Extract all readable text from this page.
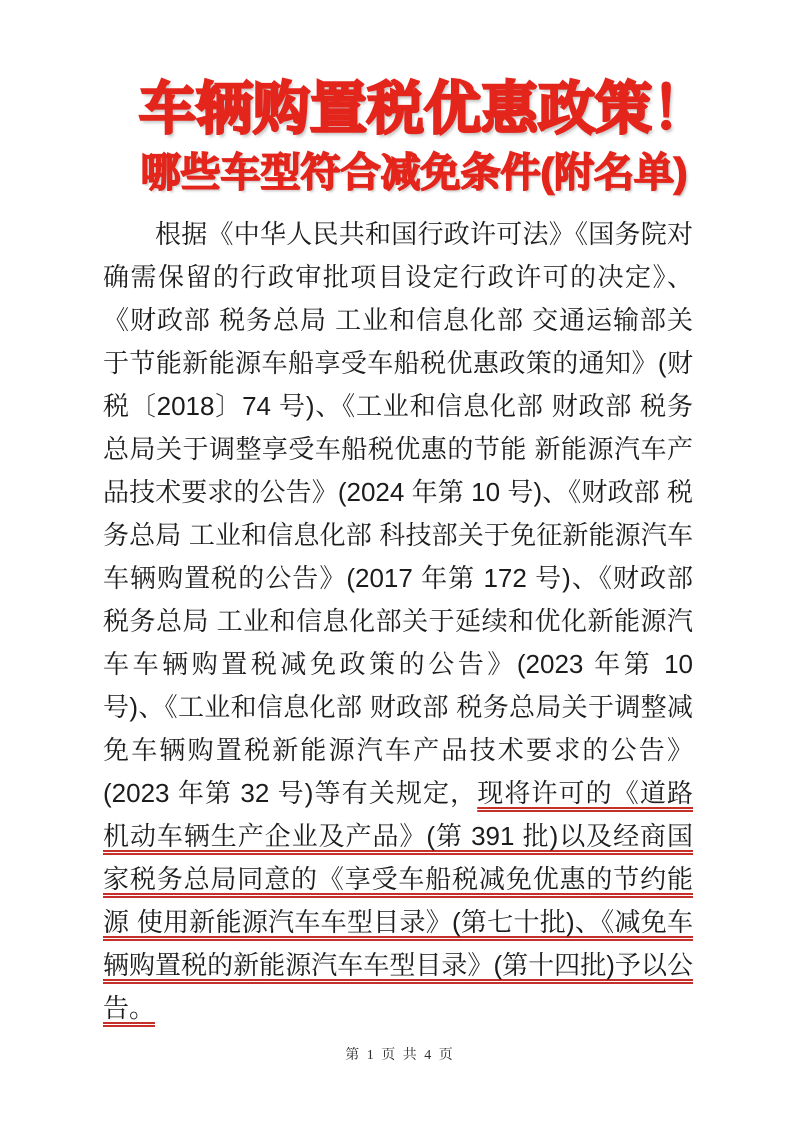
车辆购置税优惠政策！
哪些车型符合减免条件(附名单)

根据《中华人民共和国行政许可法》《国务院对确需保留的行政审批项目设定行政许可的决定》、《财政部 税务总局 工业和信息化部 交通运输部关于节能新能源车船享受车船税优惠政策的通知》(财税〔2018〕74 号)、《工业和信息化部 财政部 税务总局关于调整享受车船税优惠的节能 新能源汽车产品技术要求的公告》(2024 年第 10 号)、《财政部 税务总局 工业和信息化部 科技部关于免征新能源汽车车辆购置税的公告》(2017 年第 172 号)、《财政部 税务总局 工业和信息化部关于延续和优化新能源汽车车辆购置税减免政策的公告》(2023 年第 10 号)、《工业和信息化部 财政部 税务总局关于调整减免车辆购置税新能源汽车产品技术要求的公告》(2023 年第 32 号)等有关规定，现将许可的《道路机动车辆生产企业及产品》(第 391 批)以及经商国家税务总局同意的《享受车船税减免优惠的节约能源 使用新能源汽车车型目录》(第七十批)、《减免车辆购置税的新能源汽车车型目录》(第十四批)予以公告。

第 1 页 共 4 页
